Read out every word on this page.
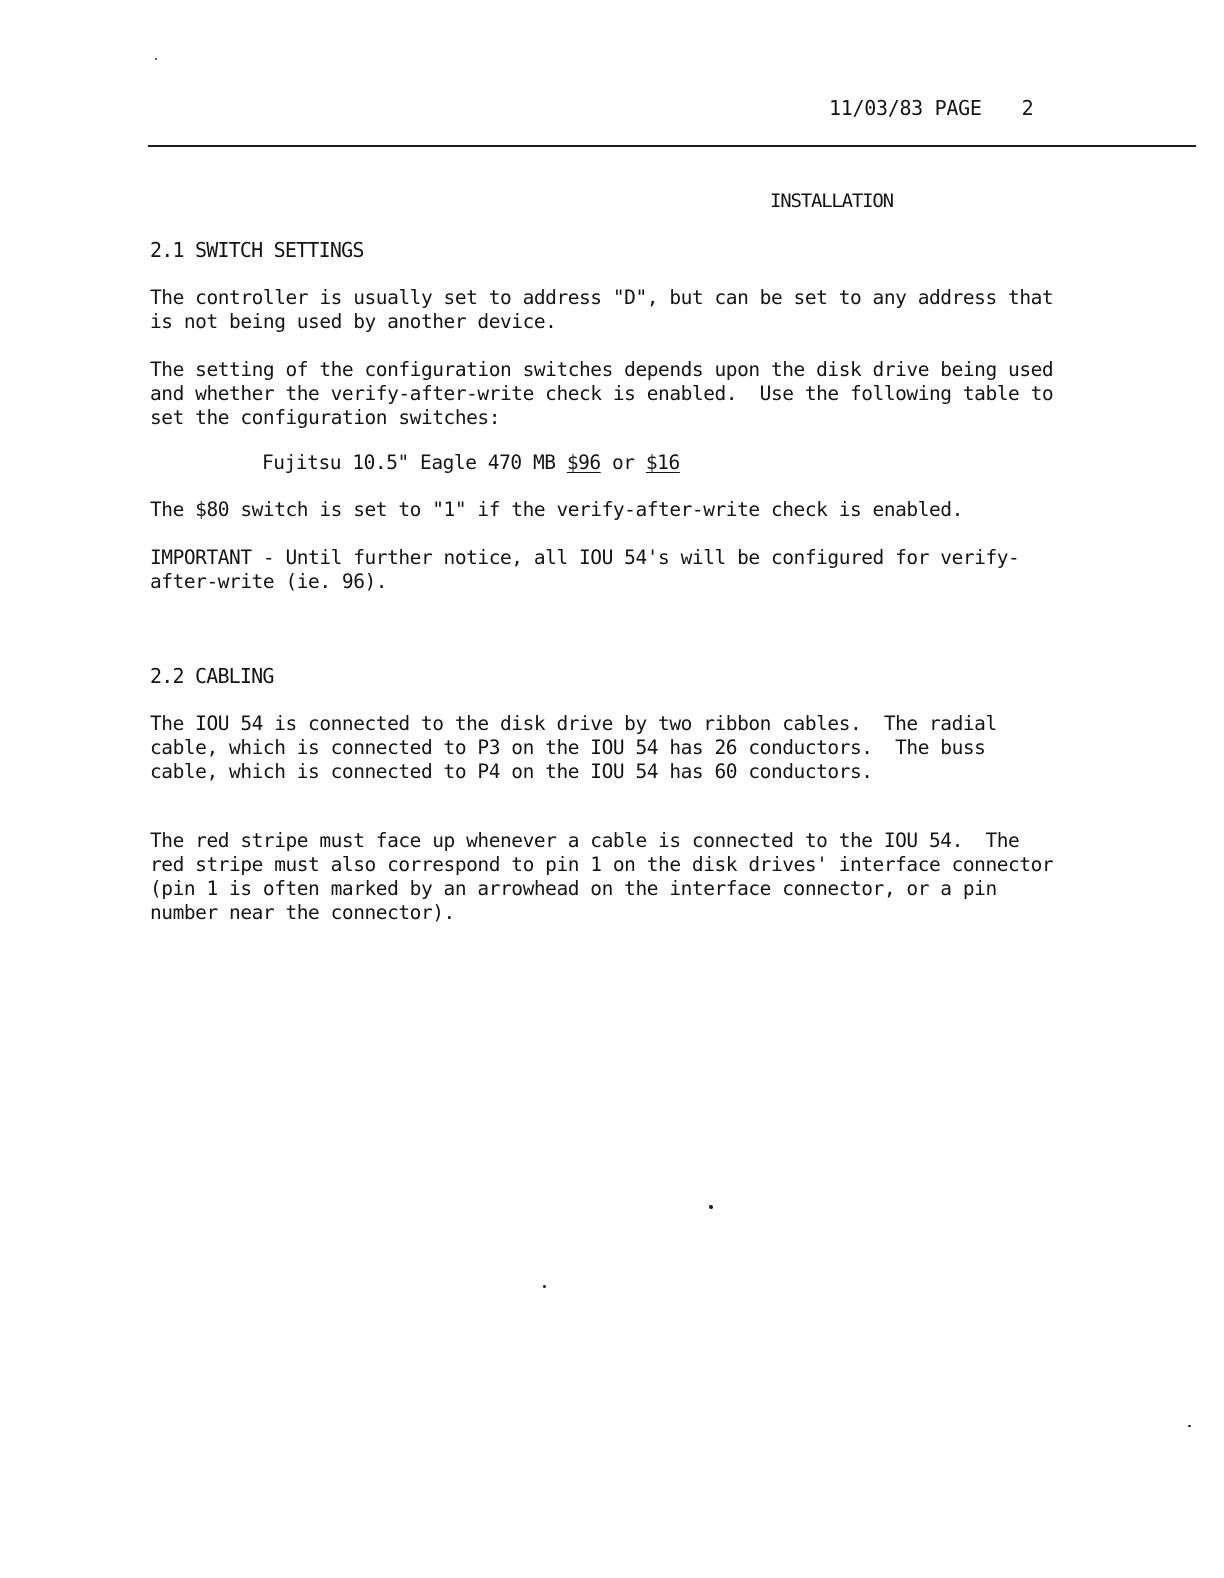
11/03/83 PAGE 2
INSTALLATION
2.1 SWITCH SETTINGS

The controller is usually set to address "D", but can be set to any address that
is not being used by another device.

The setting of the configuration switches depends upon the disk drive being used
and whether the verify-after-write check is enabled.  Use the following table to
set the configuration switches:

Fujitsu 10.5" Eagle 470 MB $96 or $16

The $80 switch is set to "1" if the verify-after-write check is enabled.

IMPORTANT - Until further notice, all IOU 54's will be configured for verify-
after-write (ie. 96).

2.2 CABLING

The IOU 54 is connected to the disk drive by two ribbon cables.  The radial
cable, which is connected to P3 on the IOU 54 has 26 conductors.  The buss
cable, which is connected to P4 on the IOU 54 has 60 conductors.

The red stripe must face up whenever a cable is connected to the IOU 54.  The
red stripe must also correspond to pin 1 on the disk drives' interface connector
(pin 1 is often marked by an arrowhead on the interface connector, or a pin
number near the connector).
